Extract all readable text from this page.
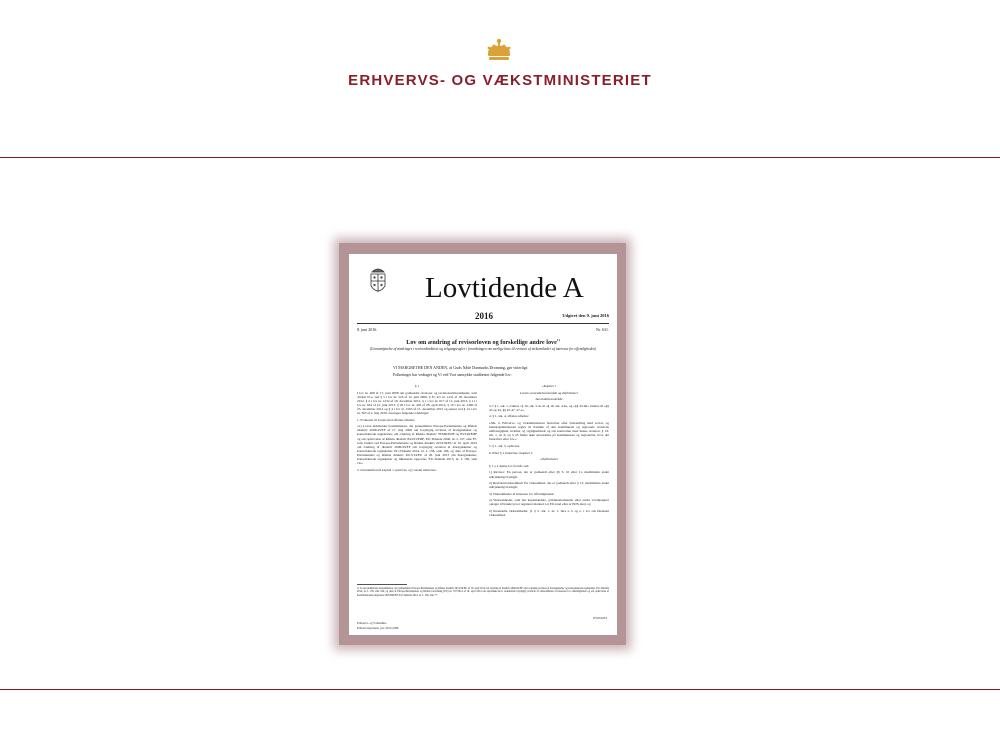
ERHVERVS- OG VÆKSTMINISTERIET
Lovtidende A
2016	Udgivet den 9. juni 2016
8. juni 2016.	Nr. 631.
Lov om ændring af revisorloven og forskellige andre love$^{1)}$
(Gennemførelse af ændringer i revisordirektivet og velgangsregler i forordningen om særlige krav til revision af virksomheder af interesse for offentligheden)
VI MARGRETHE DEN ANDEN, af Guds Nåde Danmarks Dronning, gør vitterligt:
Folketinget har vedtaget og Vi ved Vort samtykke stadfæstet følgende lov:

§ 1

I lov nr. 468 af 17. juni 2008 om godkendte revisorer og revisionsvirksomheder, som ændret bl.a. ved § 5 i lov nr. 516 af 12. juni 2009, § 8 i lov nr. 1231 af 18. december 2012, § 2 i lov nr. 1232 af 18. december 2012, § 1 i lov nr. 617 af 12. juni 2013, § 11 i lov nr. 634 af 12. juni 2013, § 20 i lov nr. 403 af 28. april 2014, § 10 i lov nr. 1490 af 23. december 2014 og § 4 i lov nr. 1563 af 15. december 2015 og senest ved § 14 i lov nr. 393 af 2. maj 2016, foretages følgende ændringer:

1. Fodnoten til lovens titel affattes således:

»1) Loven indeholder bestemmelser, der gennemfører Europa-Parlamentets og Rådets direktiv 2006/43/EF af 17. maj 2006 om lovpligtig revision af årsregnskaber og konsoliderede regnskaber, om ændring af Rådets direktiv 78/660/EØF og 83/349/EØF og om ophævelse af Rådets direktiv 84/253/EØF, EU-Tidende 2006, nr. L 157, side 87, som ændret ved Europa-Parlamentets og Rådets direktiv 2014/56/EU af 16. april 2014 om ændring af direktiv 2006/43/EF om lovpligtig revision af årsregnskaber og konsoliderede regnskaber, EU-Tidende 2014, nr. L 158, side 196, og dele af Europa-Parlamentets og Rådets direktiv 2013/34/EU af 26. juni 2013 om årsregnskaber, konsoliderede regnskaber og tilhørende rapporter, EU-Tidende 2013, nr. L 182, side 19.«

2. Overskriften til kapitel 1 ophæves, og i stedet indsættes:

»Kapitel 1

Lovens anvendelsesområde og definitioner

Anvendelsesområde

3. I § 1, stk. 1, ændres »§ 16, stk. 3-4« til »§ 16, stk. 4-6«, og »§§ 43-46« ændres til »§§ 43 og 44, §§ 45-47, 47 a«.

4. § 1, stk. 4, affattes således:

»Stk. 4. Erhvervs- og vækstministeren fastsætter efter forhandling med social- og indenrigsministeren regler til fremme af den kommunale og regionale revisions uafhængighed, kvalitet og vigtighedsledt og om kontrollen med denne revision, § 16, stk. 1, nr. 6, og § 45 finder ikke anvendelse på kommunerne og regionerne, hvor det fastsætter efter lov.«

5. § 1, stk. 5, ophæves.

6. Efter § 1 indsættes i kapitel 1:

»Definitioner

§ 1 a. I denne lov forstås ved:

1) Revisor: En person, der er godkendt efter §§ 3, 10 eller 11, medmindre andet udtrykkeligt fremgår.

2) Revisionsvirksomhed: En virksomhed, der er godkendt efter § 13, medmindre andet udtrykkeligt fremgår.

3) Virksomheder af interesse for offentligheden:

a) Virksomheder, som har kapitalandele, gældsinstrumenter eller andre værdipapirer optaget til handel på et reguleret marked i et EU-land eller et EØS-land, og

b) finansielle virksomheder, jf. § 5, stk. 1, nr. 1, litra a, b og e, i lov om finansiel virksomhed.

1) Loven indeholder bestemmelser, der gennemfører Europa-Parlamentets og Rådets direktiv 2014/56/EU af 16. april 2014 om ændring af direktiv 2006/43/EF om lovpligtig revision af årsregnskaber og konsoliderede regnskaber, EU-Tidende 2014, nr. L 158, side 196, og dele af Europa-Parlamentets og Rådets forordning (EU) nr. 537/2014 af 16. april 2014 om specifikke krav vedrørende lovpligtig revision af virksomheder af interesse for offentligheden og om ophævelse af Kommissionens afgørelse 2005/909/EF, EU-Tidende 2014, nr. L 158, side 77.
EV001053
Erhvervs- og Vækstmin.,
Erhvervsstyrelsen, j.nr. 2015-2386
